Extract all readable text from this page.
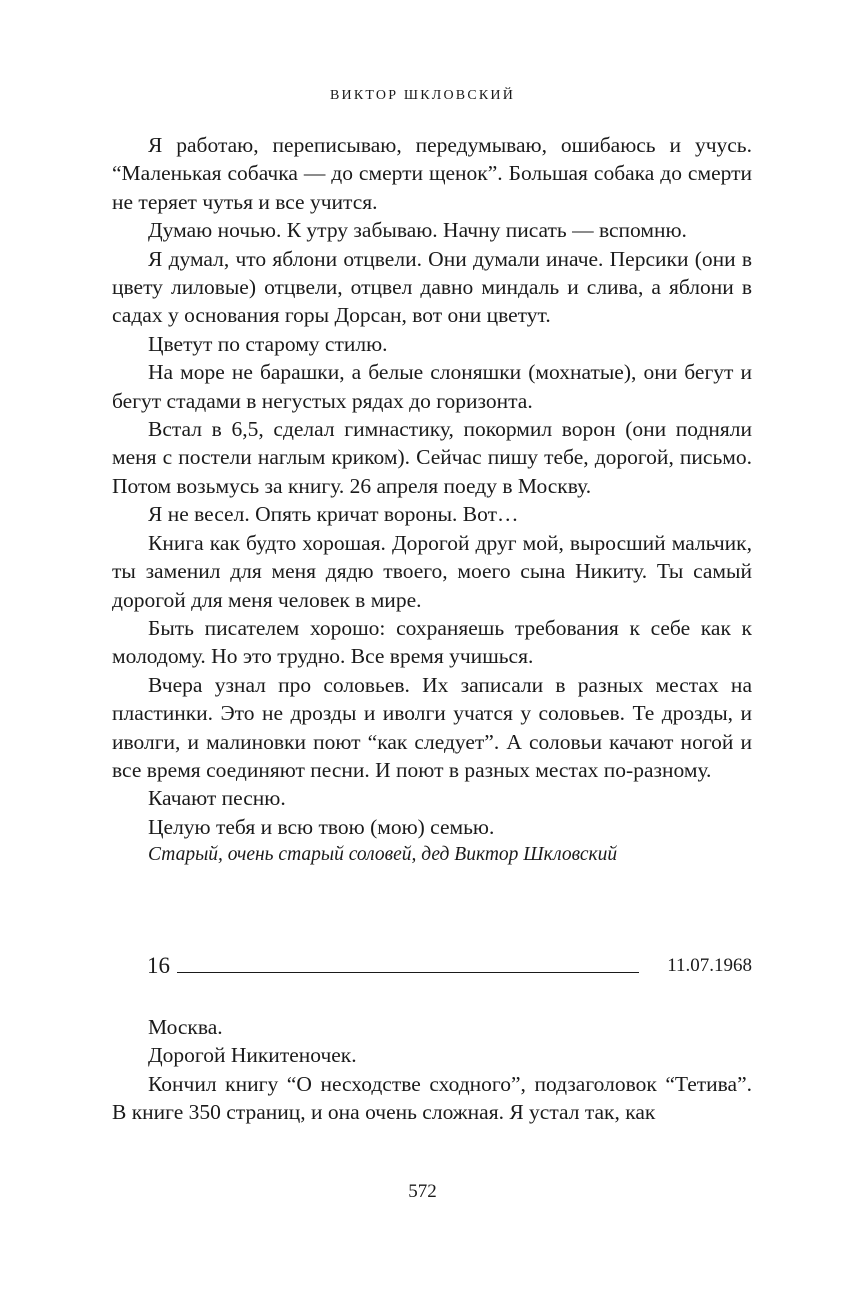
ВИКТОР ШКЛОВСКИЙ

Я работаю, переписываю, передумываю, ошибаюсь и учусь. “Маленькая собачка — до смерти щенок”. Большая собака до смерти не теряет чутья и все учится.

Думаю ночью. К утру забываю. Начну писать — вспомню.

Я думал, что яблони отцвели. Они думали иначе. Персики (они в цвету лиловые) отцвели, отцвел давно миндаль и слива, а яблони в садах у основания горы Дорсан, вот они цветут.

Цветут по старому стилю.

На море не барашки, а белые слоняшки (мохнатые), они бегут и бегут стадами в негустых рядах до горизонта.

Встал в 6,5, сделал гимнастику, покормил ворон (они подняли меня с постели наглым криком). Сейчас пишу тебе, дорогой, письмо. Потом возьмусь за книгу. 26 апреля поеду в Москву.

Я не весел. Опять кричат вороны. Вот…

Книга как будто хорошая. Дорогой друг мой, выросший мальчик, ты заменил для меня дядю твоего, моего сына Никиту. Ты самый дорогой для меня человек в мире.

Быть писателем хорошо: сохраняешь требования к себе как к молодому. Но это трудно. Все время учишься.

Вчера узнал про соловьев. Их записали в разных местах на пластинки. Это не дрозды и иволги учатся у соловьев. Те дрозды, и иволги, и малиновки поют “как следует”. А соловьи качают ногой и все время соединяют песни. И поют в разных местах по-разному.

Качают песню.

Целую тебя и всю твою (мою) семью.

Старый, очень старый соловей, дед Виктор Шкловский

16	11.07.1968

Москва.

Дорогой Никитеночек.

Кончил книгу “О несходстве сходного”, подзаголовок “Тетива”. В книге 350 страниц, и она очень сложная. Я устал так, как

572
